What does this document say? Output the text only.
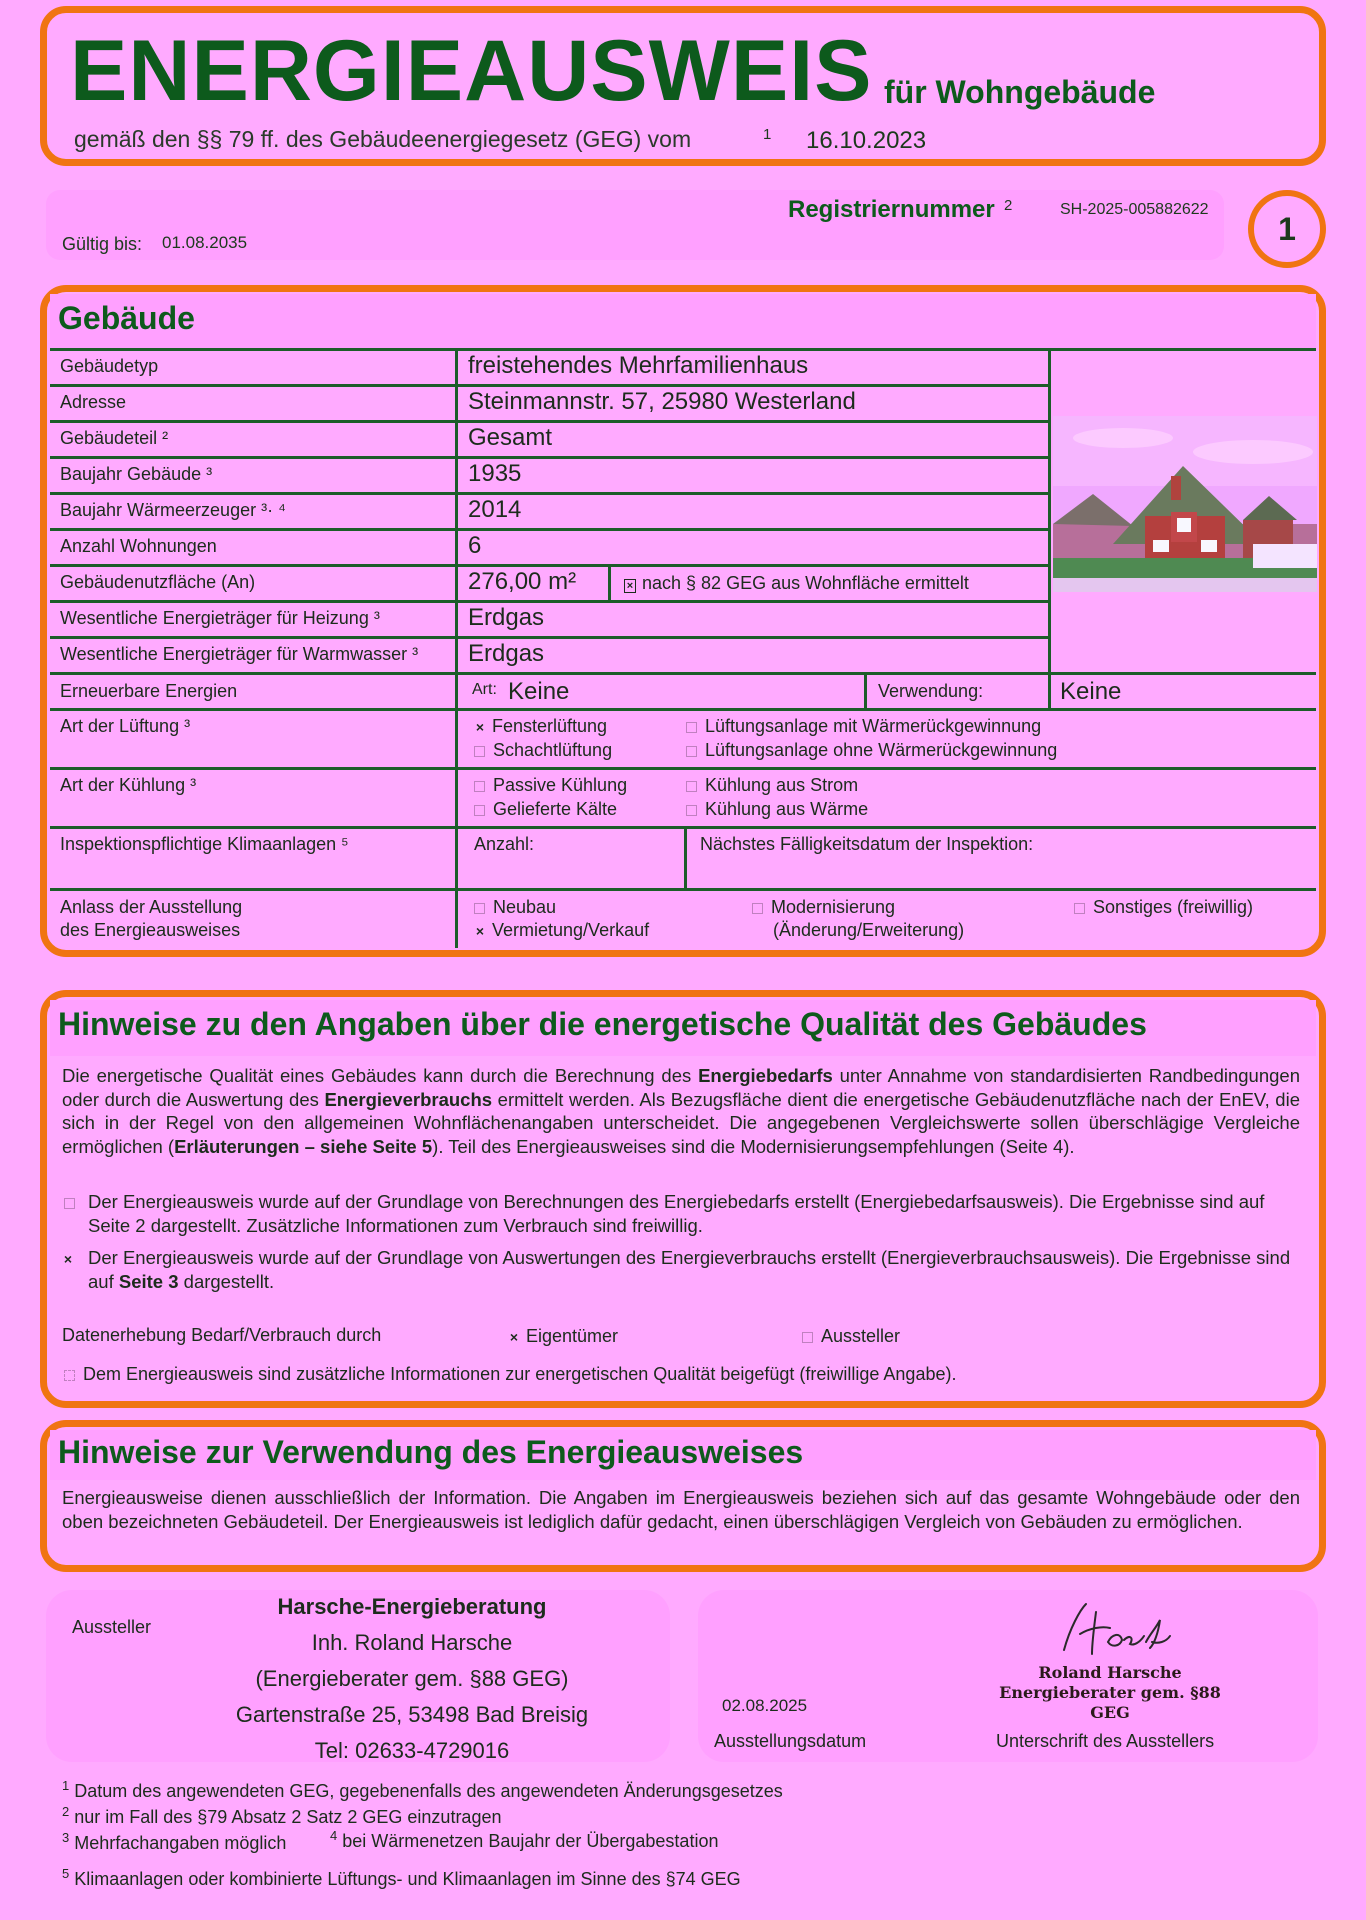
ENERGIEAUSWEIS für Wohngebäude
gemäß den §§ 79 ff. des Gebäudeenergiegesetz (GEG) vom	1 16.10.2023
Registriernummer 2	SH-2025-005882622
Gültig bis: 01.08.2035	1
Gebäude
Gebäudetyp	freistehendes Mehrfamilienhaus
Adresse	Steinmannstr. 57, 25980 Westerland
Gebäudeteil ²	Gesamt
Baujahr Gebäude ³	1935
Baujahr Wärmeerzeuger ³· ⁴	2014
Anzahl Wohnungen	6
Gebäudenutzfläche (An)	276,00 m²	× nach § 82 GEG aus Wohnfläche ermittelt
Wesentliche Energieträger für Heizung ³	Erdgas
Wesentliche Energieträger für Warmwasser ³ Erdgas
Erneuerbare Energien	Art: Keine	Verwendung:	Keine
Art der Lüftung ³	× Fensterlüftung	Lüftungsanlage mit Wärmerückgewinnung
Schachtlüftung	Lüftungsanlage ohne Wärmerückgewinnung
Art der Kühlung ³	Passive Kühlung	Kühlung aus Strom
Gelieferte Kälte	Kühlung aus Wärme
Inspektionspflichtige Klimaanlagen ⁵	Anzahl:	Nächstes Fälligkeitsdatum der Inspektion:
Anlass der Ausstellung
des Energieausweises
Neubau	Modernisierung
(Änderung/Erweiterung)
Sonstiges (freiwillig)
× Vermietung/Verkauf
Hinweise zu den Angaben über die energetische Qualität des Gebäudes
Die energetische Qualität eines Gebäudes kann durch die Berechnung des Energiebedarfs unter Annahme von standardisierten Randbedingungen oder durch die Auswertung des Energieverbrauchs ermittelt werden. Als Bezugsfläche dient die energetische Gebäudenutzfläche nach der EnEV, die sich in der Regel von den allgemeinen Wohnflächenangaben unterscheidet. Die angegebenen Vergleichswerte sollen überschlägige Vergleiche ermöglichen (Erläuterungen – siehe Seite 5). Teil des Energieausweises sind die Modernisierungsempfehlungen (Seite 4).
Der Energieausweis wurde auf der Grundlage von Berechnungen des Energiebedarfs erstellt (Energiebedarfsausweis). Die Ergebnisse sind auf Seite 2 dargestellt. Zusätzliche Informationen zum Verbrauch sind freiwillig.
× Der Energieausweis wurde auf der Grundlage von Auswertungen des Energieverbrauchs erstellt (Energieverbrauchsausweis). Die Ergebnisse sind auf Seite 3 dargestellt.
Datenerhebung Bedarf/Verbrauch durch	× Eigentümer	Aussteller
Dem Energieausweis sind zusätzliche Informationen zur energetischen Qualität beigefügt (freiwillige Angabe).
Hinweise zur Verwendung des Energieausweises
Energieausweise dienen ausschließlich der Information. Die Angaben im Energieausweis beziehen sich auf das gesamte Wohngebäude oder den oben bezeichneten Gebäudeteil. Der Energieausweis ist lediglich dafür gedacht, einen überschlägigen Vergleich von Gebäuden zu ermöglichen.
Aussteller
Harsche-Energieberatung
Inh. Roland Harsche
(Energieberater gem. §88 GEG)
Gartenstraße 25, 53498 Bad Breisig
Tel: 02633-4729016
02.08.2025
Ausstellungsdatum
Roland Harsche
Energieberater gem. §88 GEG
Unterschrift des Ausstellers
$^1$ Datum des angewendeten GEG, gegebenenfalls des angewendeten Änderungsgesetzes
$^2$ nur im Fall des §79 Absatz 2 Satz 2 GEG einzutragen
$^3$ Mehrfachangaben möglich	$^4$ bei Wärmenetzen Baujahr der Übergabestation
$^5$ Klimaanlagen oder kombinierte Lüftungs- und Klimaanlagen im Sinne des §74 GEG
